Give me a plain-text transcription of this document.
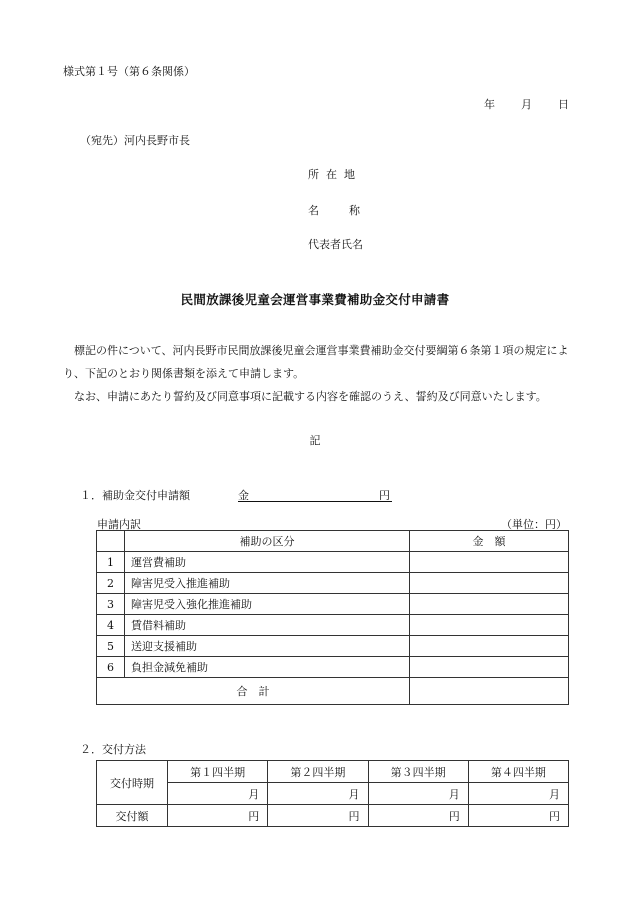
様式第１号（第６条関係）
年 月 日
（宛先）河内長野市長
所在地
名称
代表者氏名
民間放課後児童会運営事業費補助金交付申請書

標記の件について、河内長野市民間放課後児童会運営事業費補助金交付要綱第６条第１項の規定により、下記のとおり関係書類を添えて申請します。

なお、申請にあたり誓約及び同意事項に記載する内容を確認のうえ、誓約及び同意いたします。

記
１．補助金交付申請額	金	円
申請内訳	（単位：円）
	補助の区分	金　額
1	運営費補助	
2	障害児受入推進補助	
3	障害児受入強化推進補助	
4	賃借料補助	
5	送迎支援補助	
6	負担金減免補助	
合　計		
２．交付方法
交付時期	第１四半期	第２四半期	第３四半期	第４四半期
	月	月	月	月
交付額	円	円	円	円
